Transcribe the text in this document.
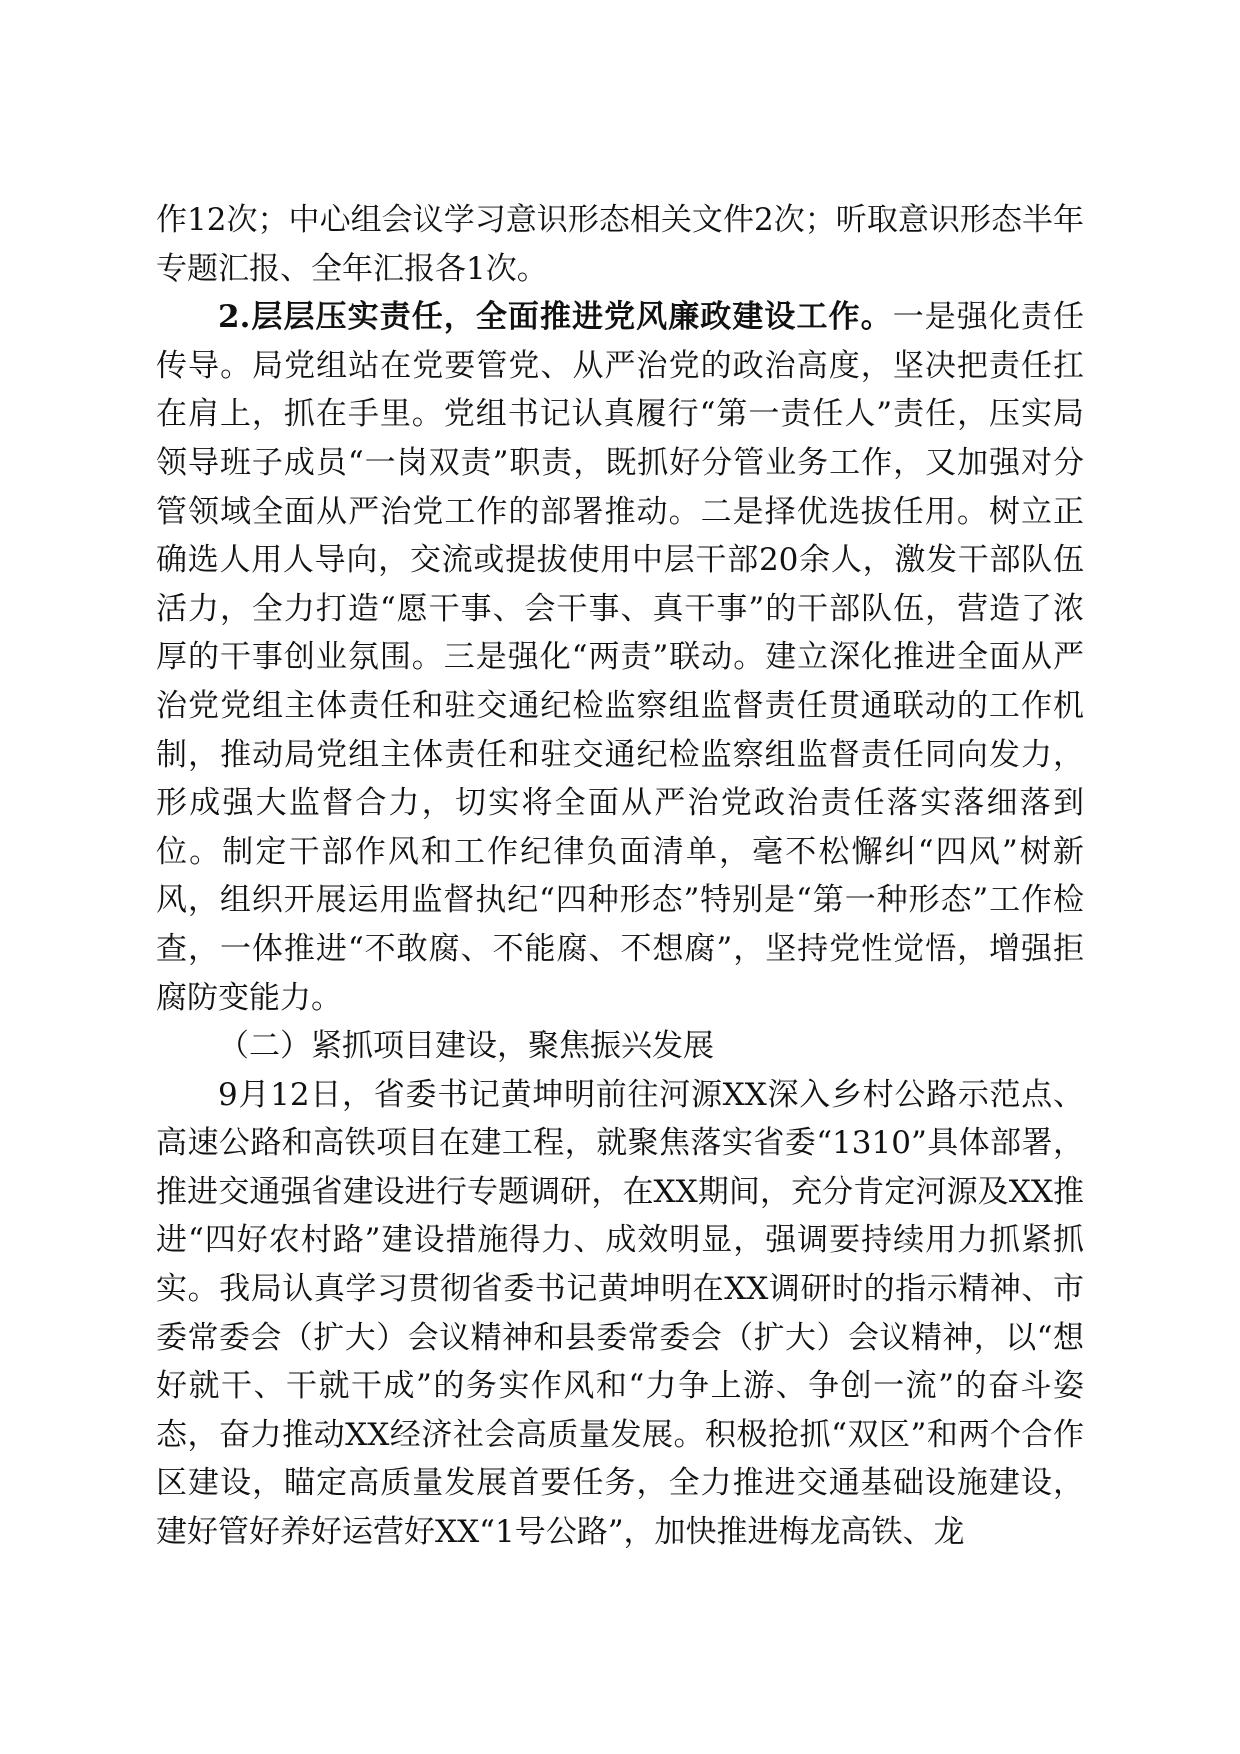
作12次；中心组会议学习意识形态相关文件2次；听取意识形态半年专题汇报、全年汇报各1次。

2.层层压实责任，全面推进党风廉政建设工作。一是强化责任传导。局党组站在党要管党、从严治党的政治高度，坚决把责任扛在肩上，抓在手里。党组书记认真履行“第一责任人”责任，压实局领导班子成员“一岗双责”职责，既抓好分管业务工作，又加强对分管领域全面从严治党工作的部署推动。二是择优选拔任用。树立正确选人用人导向，交流或提拔使用中层干部20余人，激发干部队伍活力，全力打造“愿干事、会干事、真干事”的干部队伍，营造了浓厚的干事创业氛围。三是强化“两责”联动。建立深化推进全面从严治党党组主体责任和驻交通纪检监察组监督责任贯通联动的工作机制，推动局党组主体责任和驻交通纪检监察组监督责任同向发力，形成强大监督合力，切实将全面从严治党政治责任落实落细落到位。制定干部作风和工作纪律负面清单，毫不松懈纠“四风”树新风，组织开展运用监督执纪“四种形态”特别是“第一种形态”工作检查，一体推进“不敢腐、不能腐、不想腐”，坚持党性觉悟，增强拒腐防变能力。

（二）紧抓项目建设，聚焦振兴发展

9月12日，省委书记黄坤明前往河源XX深入乡村公路示范点、高速公路和高铁项目在建工程，就聚焦落实省委“1310”具体部署，推进交通强省建设进行专题调研，在XX期间，充分肯定河源及XX推进“四好农村路”建设措施得力、成效明显，强调要持续用力抓紧抓实。我局认真学习贯彻省委书记黄坤明在XX调研时的指示精神、市委常委会（扩大）会议精神和县委常委会（扩大）会议精神，以“想好就干、干就干成”的务实作风和“力争上游、争创一流”的奋斗姿态，奋力推动XX经济社会高质量发展。积极抢抓“双区”和两个合作区建设，瞄定高质量发展首要任务，全力推进交通基础设施建设，建好管好养好运营好XX“1号公路”，加快推进梅龙高铁、龙
